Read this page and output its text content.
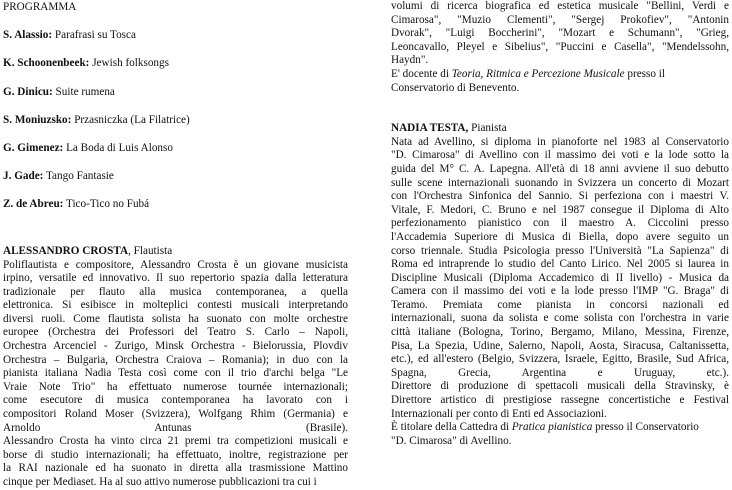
PROGRAMMA
S. Alassio: Parafrasi su Tosca
K. Schoonenbeek: Jewish folksongs
G. Dinicu: Suite rumena
S. Moniuzsko: Przasniczka (La Filatrice)
G. Gimenez: La Boda di Luis Alonso
J. Gade: Tango Fantasie
Z. de Abreu: Tico-Tico no Fubá
ALESSANDRO CROSTA, Flautista
Poliflautista e compositore, Alessandro Crosta è un giovane musicista
irpino, versatile ed innovativo. Il suo repertorio spazia dalla letteratura
tradizionale per flauto alla musica contemporanea, a quella
elettronica. Si esibisce in molteplici contesti musicali interpretando
diversi ruoli. Come flautista solista ha suonato con molte orchestre
europee (Orchestra dei Professori del Teatro S. Carlo – Napoli,
Orchestra Arcenciel - Zurigo, Minsk Orchestra - Bielorussia, Plovdiv
Orchestra – Bulgaria, Orchestra Craiova – Romania); in duo con la
pianista italiana Nadia Testa così come con il trio d'archi belga "Le
Vraie Note Trio" ha effettuato numerose tournée internazionali;
come esecutore di musica contemporanea ha lavorato con i
compositori Roland Moser (Svizzera), Wolfgang Rhim (Germania) e
Arnoldo Antunas (Brasile).
Alessandro Crosta ha vinto circa 21 premi tra competizioni musicali e
borse di studio internazionali; ha effettuato, inoltre, registrazione per
la RAI nazionale ed ha suonato in diretta alla trasmissione Mattino
cinque per Mediaset. Ha al suo attivo numerose pubblicazioni tra cui i
volumi di ricerca biografica ed estetica musicale "Bellini, Verdi e
Cimarosa", "Muzio Clementi", "Sergej Prokofiev", "Antonin
Dvorak", "Luigi Boccherini", "Mozart e Schumann", "Grieg,
Leoncavallo, Pleyel e Sibelius", "Puccini e Casella", "Mendelssohn,
Haydn".
E' docente di Teoria, Ritmica e Percezione Musicale presso il
Conservatorio di Benevento.
NADIA TESTA, Pianista
Nata ad Avellino, si diploma in pianoforte nel 1983 al Conservatorio
"D. Cimarosa" di Avellino con il massimo dei voti e la lode sotto la
guida del M° C. A. Lapegna. All'età di 18 anni avviene il suo debutto
sulle scene internazionali suonando in Svizzera un concerto di Mozart
con l'Orchestra Sinfonica del Sannio. Si perfeziona con i maestri V.
Vitale, F. Medori, C. Bruno e nel 1987 consegue il Diploma di Alto
perfezionamento pianistico con il maestro A. Ciccolini presso
l'Accademia Superiore di Musica di Biella, dopo avere seguito un
corso triennale. Studia Psicologia presso l'Università "La Sapienza" di
Roma ed intraprende lo studio del Canto Lirico. Nel 2005 si laurea in
Discipline Musicali (Diploma Accademico di II livello) - Musica da
Camera con il massimo dei voti e la lode presso l'IMP "G. Braga" di
Teramo. Premiata come pianista in concorsi nazionali ed
internazionali, suona da solista e come solista con l'orchestra in varie
città italiane (Bologna, Torino, Bergamo, Milano, Messina, Firenze,
Pisa, La Spezia, Udine, Salerno, Napoli, Aosta, Siracusa, Caltanissetta,
etc.), ed all'estero (Belgio, Svizzera, Israele, Egitto, Brasile, Sud Africa,
Spagna, Grecia, Argentina e Uruguay, etc.).
Direttore di produzione di spettacoli musicali della Stravinsky, è
Direttore artistico di prestigiose rassegne concertistiche e Festival
Internazionali per conto di Enti ed Associazioni.
È titolare della Cattedra di Pratica pianistica presso il Conservatorio
"D. Cimarosa" di Avellino.
